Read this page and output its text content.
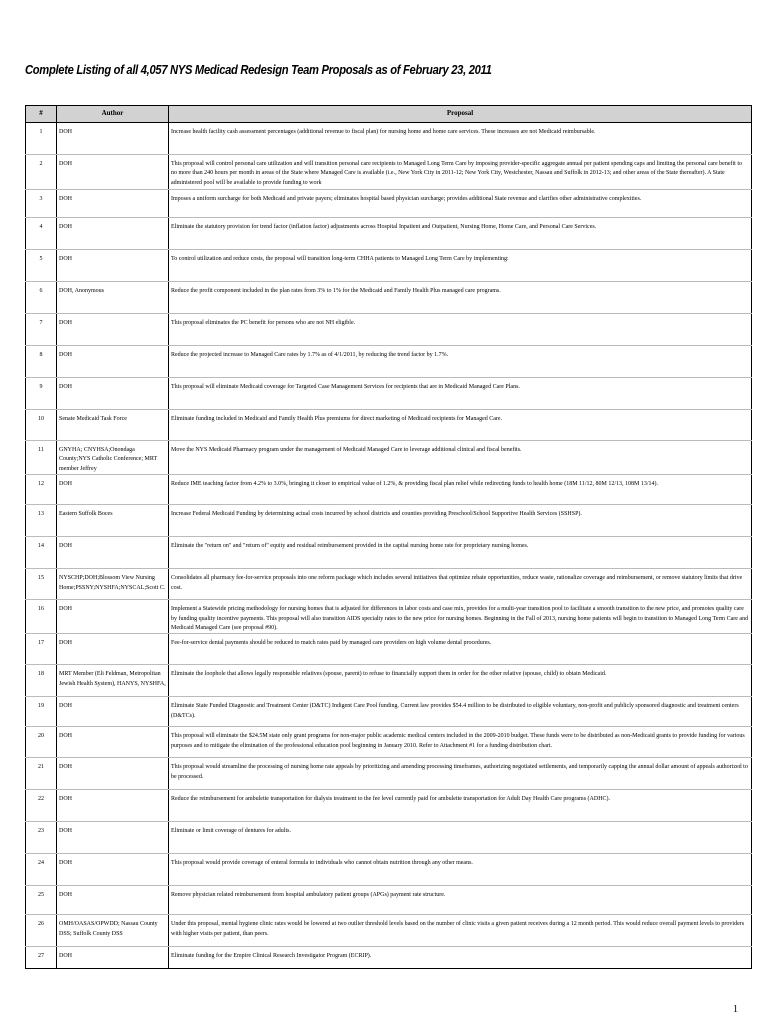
Complete Listing of all 4,057 NYS Medicad Redesign Team Proposals as of February 23, 2011
#	Author	Proposal
1	DOH	Increase health facility cash assessment percentages (additional revenue to fiscal plan) for nursing home and home care services. These increases are not Medicaid reimbursable.
2	DOH	This proposal will control personal care utilization and will transition personal care recipients to Managed Long Term Care by imposing provider-specific aggregate annual per patient spending caps and limiting the personal care benefit to no more than 240 hours per month in areas of the State where Managed Care is available (i.e., New York City in 2011-12; New York City, Westchester, Nassau and Suffolk in 2012-13; and other areas of the State thereafter). A State administered pool will be available to provide funding to work
3	DOH	Imposes a uniform surcharge for both Medicaid and private payers; eliminates hospital based physician surcharge; provides additional State revenue and clarifies other administrative complexities.
4	DOH	Eliminate the statutory provision for trend factor (inflation factor) adjustments across Hospital Inpatient and Outpatient, Nursing Home, Home Care, and Personal Care Services.
5	DOH	To control utilization and reduce costs, the proposal will transition long-term CHHA patients to Managed Long Term Care by implementing:
6	DOH, Anonymous	Reduce the profit component included in the plan rates from 3% to 1% for the Medicaid and Family Health Plus managed care programs.
7	DOH	This proposal eliminates the PC benefit for persons who are not NH eligible.
8	DOH	Reduce the projected increase to Managed Care rates by 1.7% as of 4/1/2011, by reducing the trend factor by 1.7%.
9	DOH	This proposal will eliminate Medicaid coverage for Targeted Case Management Services for recipients that are in Medicaid Managed Care Plans.
10	Senate Medicaid Task Force	Eliminate funding included in Medicaid and Family Health Plus premiums for direct marketing of Medicaid recipients for Managed Care.
11	GNYHA; CNYHSA;Onondaga County;NYS Catholic Conference; MRT member Jeffrey	Move the NYS Medicaid Pharmacy program under the management of Medicaid Managed Care to leverage additional clinical and fiscal benefits.
12	DOH	Reduce IME teaching factor from 4.2% to 3.0%, bringing it closer to empirical value of 1.2%, & providing fiscal plan relief while redirecting funds to health home (18M 11/12, 80M 12/13, 108M 13/14).
13	Eastern Suffolk Boces	Increase Federal Medicaid Funding by determining actual costs incurred by school districts and counties providing Preschool/School Supportive Health Services (SSHSP).
14	DOH	Eliminate the "return on" and "return of" equity and residual reimbursement provided in the capital nursing home rate for proprietary nursing homes.
15	NYSCHP;DOH;Blossom View Nursing Home;PSSNY;NYSHFA;NYSCAL;Scott C.	Consolidates all pharmacy fee-for-service proposals into one reform package which includes several initiatives that optimize rebate opportunities, reduce waste, rationalize coverage and reimbursement, or remove statutory limits that drive cost.
16	DOH	Implement a Statewide pricing methodology for nursing homes that is adjusted for differences in labor costs and case mix, provides for a multi-year transition pool to facilitate a smooth transition to the new price, and promotes quality care by funding quality incentive payments. This proposal will also transition AIDS specialty rates to the new price for nursing homes. Beginning in the Fall of 2013, nursing home patients will begin to transition to Managed Long Term Care and Medicaid Managed Care (see proposal #90).
17	DOH	Fee-for-service dental payments should be reduced to match rates paid by managed care providers on high volume dental procedures.
18	MRT Member (Eli Feldman, Metropolitan Jewish Health System), HANYS, NYSHFA,	Eliminate the loophole that allows legally responsible relatives (spouse, parent) to refuse to financially support them in order for the other relative (spouse, child) to obtain Medicaid.
19	DOH	Eliminate State Funded Diagnostic and Treatment Center (D&TC) Indigent Care Pool funding. Current law provides $54.4 million to be distributed to eligible voluntary, non-profit and publicly sponsored diagnostic and treatment centers (D&TCs).
20	DOH	This proposal will eliminate the $24.5M state only grant programs for non-major public academic medical centers included in the 2009-2010 budget. These funds were to be distributed as non-Medicaid grants to provide funding for various purposes and to mitigate the elimination of the professional education pool beginning in January 2010. Refer to Attachment #1 for a funding distribution chart.
21	DOH	This proposal would streamline the processing of nursing home rate appeals by prioritizing and amending processing timeframes, authorizing negotiated settlements, and temporarily capping the annual dollar amount of appeals authorized to be processed.
22	DOH	Reduce the reimbursement for ambulette transportation for dialysis treatment to the fee level currently paid for ambulette transportation for Adult Day Health Care programs (ADHC).
23	DOH	Eliminate or limit coverage of dentures for adults.
24	DOH	This proposal would provide coverage of enteral formula to individuals who cannot obtain nutrition through any other means.
25	DOH	Remove physician related reimbursement from hospital ambulatory patient groups (APGs) payment rate structure.
26	OMH/OASAS/OPWDD; Nassau County DSS; Suffolk County DSS	Under this proposal, mental hygiene clinic rates would be lowered at two outlier threshold levels based on the number of clinic visits a given patient receives during a 12 month period. This would reduce overall payment levels to providers with higher visits per patient, than peers.
27	DOH	Eliminate funding for the Empire Clinical Research Investigator Program (ECRIP).
1
